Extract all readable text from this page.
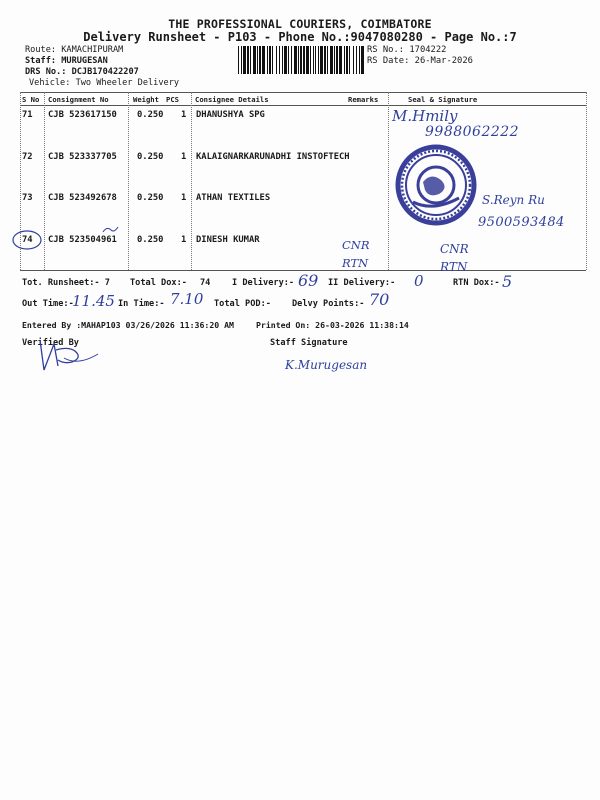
THE PROFESSIONAL COURIERS, COIMBATORE
Delivery Runsheet - P103 - Phone No.:9047080280 - Page No.:7
Route: KAMACHIPURAM
Staff: MURUGESAN
DRS No.: DCJB170422207
Vehicle: Two Wheeler Delivery
RS No.: 1704222
RS Date: 26-Mar-2026
S No Consignment No	Weight PCS Consignee Details	Remarks	Seal & Signature
71 CJB 523617150 0.250 1 DHANUSHYA SPG
72 CJB 523337705 0.250 1 KALAIGNARKARUNADHI INSTOFTECH
73 CJB 523492678 0.250 1 ATHAN TEXTILES
74 CJB 523504961 0.250 1 DINESH KUMAR
M.Hmily
9988062222
S.Reyn Ru
9500593484
CNR RTN
CNR RTN
Tot. Runsheet:- 7 Total Dox:- 74	I Delivery:- 69 II Delivery:- 0	RTN Dox:- 5
Out Time:-
11.45 In Time:- 7.10 Total POD:- Delvy Points:- 70
Entered By :MAHAP103 03/26/2026 11:36:20 AM	Printed On: 26-03-2026 11:38:14
Verified By	Staff Signature
K.Murugesan
